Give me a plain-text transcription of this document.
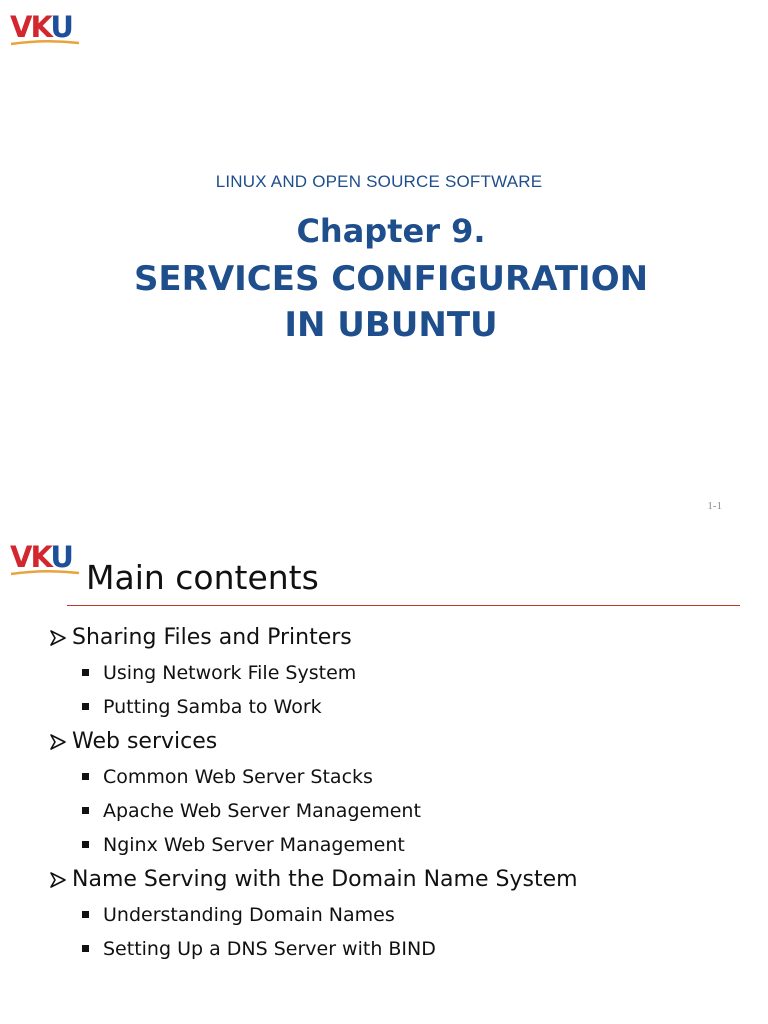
VKU
LINUX AND OPEN SOURCE SOFTWARE
Chapter 9.
SERVICES CONFIGURATION
IN UBUNTU
1-1
VKU
Main contents
Sharing Files and Printers
Using Network File System
Putting Samba to Work
Web services
Common Web Server Stacks
Apache Web Server Management
Nginx Web Server Management
Name Serving with the Domain Name System
Understanding Domain Names
Setting Up a DNS Server with BIND
